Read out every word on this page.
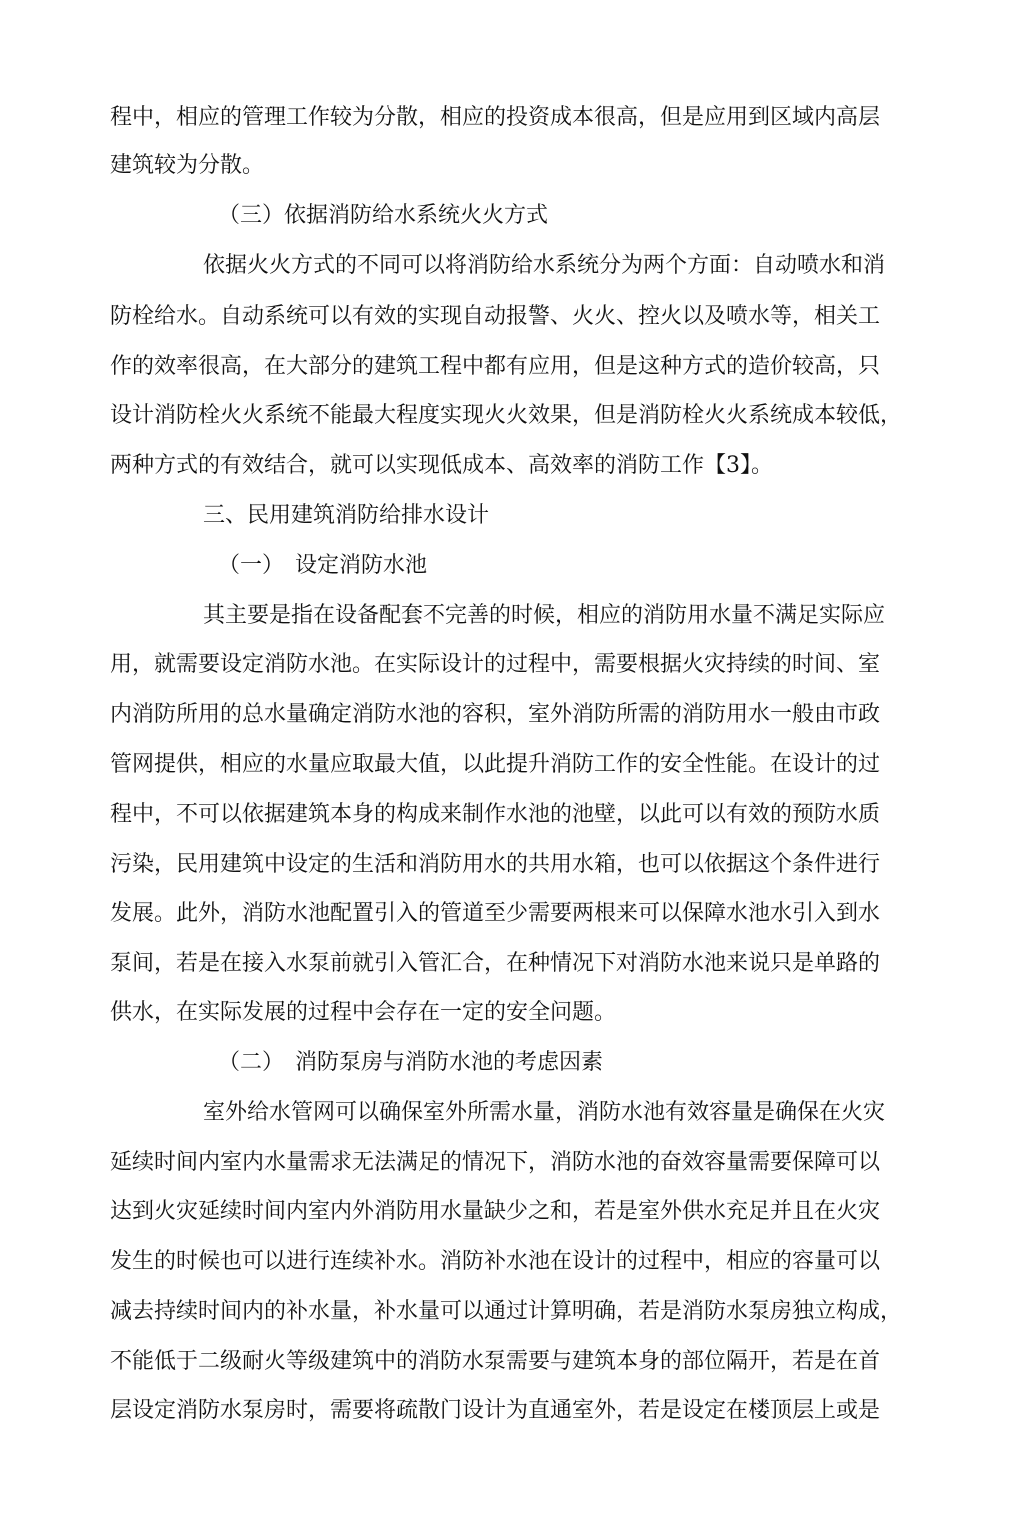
程中，相应的管理工作较为分散，相应的投资成本很高，但是应用到区域内高层
建筑较为分散。
（三）依据消防给水系统火火方式
依据火火方式的不同可以将消防给水系统分为两个方面：自动喷水和消
防栓给水。自动系统可以有效的实现自动报警、火火、控火以及喷水等，相关工
作的效率很高，在大部分的建筑工程中都有应用，但是这种方式的造价较高，只
设计消防栓火火系统不能最大程度实现火火效果，但是消防栓火火系统成本较低，
两种方式的有效结合，就可以实现低成本、高效率的消防工作【3】。
三、民用建筑消防给排水设计
（一）　设定消防水池
其主要是指在设备配套不完善的时候，相应的消防用水量不满足实际应
用，就需要设定消防水池。在实际设计的过程中，需要根据火灾持续的时间、室
内消防所用的总水量确定消防水池的容积，室外消防所需的消防用水一般由市政
管网提供，相应的水量应取最大值，以此提升消防工作的安全性能。在设计的过
程中，不可以依据建筑本身的构成来制作水池的池壁，以此可以有效的预防水质
污染，民用建筑中设定的生活和消防用水的共用水箱，也可以依据这个条件进行
发展。此外，消防水池配置引入的管道至少需要两根来可以保障水池水引入到水
泵间，若是在接入水泵前就引入管汇合，在种情况下对消防水池来说只是单路的
供水，在实际发展的过程中会存在一定的安全问题。
（二）　消防泵房与消防水池的考虑因素
室外给水管网可以确保室外所需水量，消防水池有效容量是确保在火灾
延续时间内室内水量需求无法满足的情况下，消防水池的奋效容量需要保障可以
达到火灾延续时间内室内外消防用水量缺少之和，若是室外供水充足并且在火灾
发生的时候也可以进行连续补水。消防补水池在设计的过程中，相应的容量可以
减去持续时间内的补水量，补水量可以通过计算明确，若是消防水泵房独立构成，
不能低于二级耐火等级建筑中的消防水泵需要与建筑本身的部位隔开，若是在首
层设定消防水泵房时，需要将疏散门设计为直通室外，若是设定在楼顶层上或是
